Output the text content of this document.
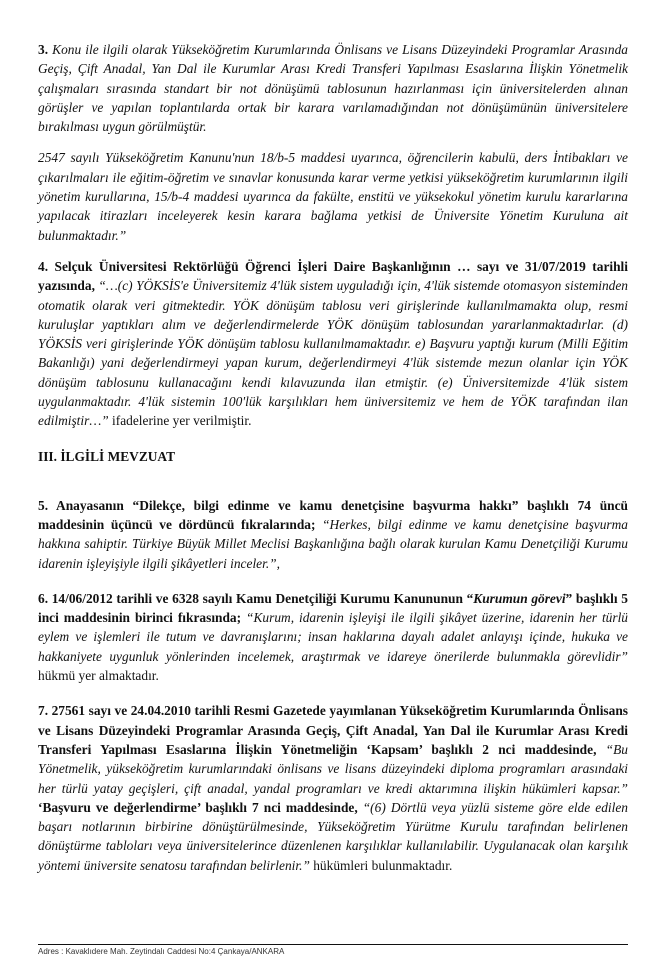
3. Konu ile ilgili olarak Yükseköğretim Kurumlarında Önlisans ve Lisans Düzeyindeki Programlar Arasında Geçiş, Çift Anadal, Yan Dal ile Kurumlar Arası Kredi Transferi Yapılması Esaslarına İlişkin Yönetmelik çalışmaları sırasında standart bir not dönüşümü tablosunun hazırlanması için üniversitelerden alınan görüşler ve yapılan toplantılarda ortak bir karara varılamadığından not dönüşümünün üniversitelere bırakılması uygun görülmüştür.

2547 sayılı Yükseköğretim Kanunu'nun 18/b-5 maddesi uyarınca, öğrencilerin kabulü, ders İntibakları ve çıkarılmaları ile eğitim-öğretim ve sınavlar konusunda karar verme yetkisi yükseköğretim kurumlarının ilgili yönetim kurullarına, 15/b-4 maddesi uyarınca da fakülte, enstitü ve yüksekokul yönetim kurulu kararlarına yapılacak itirazları inceleyerek kesin karara bağlama yetkisi de Üniversite Yönetim Kuruluna ait bulunmaktadır.”

4. Selçuk Üniversitesi Rektörlüğü Öğrenci İşleri Daire Başkanlığının … sayı ve 31/07/2019 tarihli yazısında, “…(c) YÖKSİS'e Üniversitemiz 4'lük sistem uyguladığı için, 4'lük sistemde otomasyon sisteminden otomatik olarak veri gitmektedir. YÖK dönüşüm tablosu veri girişlerinde kullanılmamakta olup, resmi kuruluşlar yaptıkları alım ve değerlendirmelerde YÖK dönüşüm tablosundan yararlanmaktadırlar. (d) YÖKSİS veri girişlerinde YÖK dönüşüm tablosu kullanılmamaktadır. e) Başvuru yaptığı kurum (Milli Eğitim Bakanlığı) yani değerlendirmeyi yapan kurum, değerlendirmeyi 4'lük sistemde mezun olanlar için YÖK dönüşüm tablosunu kullanacağını kendi kılavuzunda ilan etmiştir. (e) Üniversitemizde 4'lük sistem uygulanmaktadır. 4'lük sistemin 100'lük karşılıkları hem üniversitemiz ve hem de YÖK tarafından ilan edilmiştir…” ifadelerine yer verilmiştir.

III. İLGİLİ MEVZUAT

5. Anayasanın “Dilekçe, bilgi edinme ve kamu denetçisine başvurma hakkı” başlıklı 74 üncü maddesinin üçüncü ve dördüncü fıkralarında; “Herkes, bilgi edinme ve kamu denetçisine başvurma hakkına sahiptir. Türkiye Büyük Millet Meclisi Başkanlığına bağlı olarak kurulan Kamu Denetçiliği Kurumu idarenin işleyişiyle ilgili şikâyetleri inceler.”,

6. 14/06/2012 tarihli ve 6328 sayılı Kamu Denetçiliği Kurumu Kanununun “Kurumun görevi” başlıklı 5 inci maddesinin birinci fıkrasında; “Kurum, idarenin işleyişi ile ilgili şikâyet üzerine, idarenin her türlü eylem ve işlemleri ile tutum ve davranışlarını; insan haklarına dayalı adalet anlayışı içinde, hukuka ve hakkaniyete uygunluk yönlerinden incelemek, araştırmak ve idareye önerilerde bulunmakla görevlidir” hükmü yer almaktadır.

7. 27561 sayı ve 24.04.2010 tarihli Resmi Gazetede yayımlanan Yükseköğretim Kurumlarında Önlisans ve Lisans Düzeyindeki Programlar Arasında Geçiş, Çift Anadal, Yan Dal ile Kurumlar Arası Kredi Transferi Yapılması Esaslarına İlişkin Yönetmeliğin ‘Kapsam’ başlıklı 2 nci maddesinde, “Bu Yönetmelik, yükseköğretim kurumlarındaki önlisans ve lisans düzeyindeki diploma programları arasındaki her türlü yatay geçişleri, çift anadal, yandal programları ve kredi aktarımına ilişkin hükümleri kapsar.” ‘Başvuru ve değerlendirme’ başlıklı 7 nci maddesinde, “(6) Dörtlü veya yüzlü sisteme göre elde edilen başarı notlarının birbirine dönüştürülmesinde, Yükseköğretim Yürütme Kurulu tarafından belirlenen dönüştürme tabloları veya üniversitelerince düzenlenen karşılıklar kullanılabilir. Uygulanacak olan karşılık yöntemi üniversite senatosu tarafından belirlenir.” hükümleri bulunmaktadır.

Adres : Kavaklıdere Mah. Zeytindalı Caddesi No:4 Çankaya/ANKARA
